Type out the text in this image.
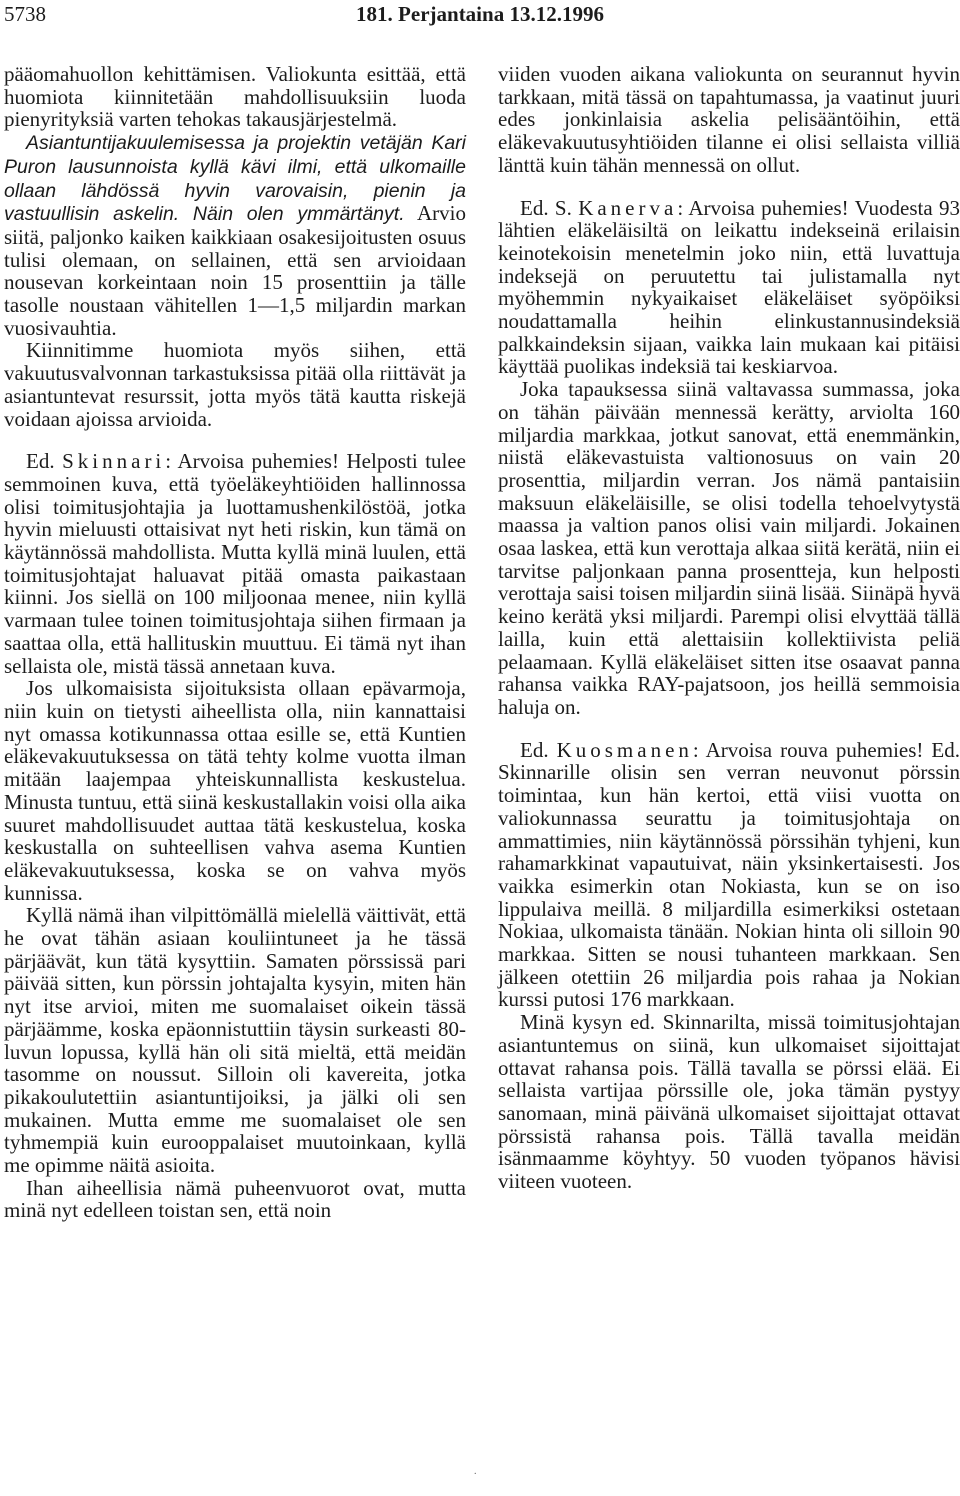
5738	181. Perjantaina 13.12.1996

pääomahuollon kehittämisen. Valiokunta esittää, että huomiota kiinnitetään mahdollisuuksiin luoda pienyrityksiä varten tehokas takausjärjestelmä.

Asiantuntijakuulemisessa ja projektin vetäjän Kari Puron lausunnoista kyllä kävi ilmi, että ulkomaille ollaan lähdössä hyvin varovaisin, pienin ja vastuullisin askelin. Näin olen ymmärtänyt. Arvio siitä, paljonko kaiken kaikkiaan osakesijoitusten osuus tulisi olemaan, on sellainen, että sen arvioidaan nousevan korkeintaan noin 15 prosenttiin ja tälle tasolle noustaan vähitellen 1—1,5 miljardin markan vuosivauhtia.

Kiinnitimme huomiota myös siihen, että vakuutusvalvonnan tarkastuksissa pitää olla riittävät ja asiantuntevat resurssit, jotta myös tätä kautta riskejä voidaan ajoissa arvioida.

Ed. Skinnari: Arvoisa puhemies! Helposti tulee semmoinen kuva, että työeläkeyhtiöiden hallinnossa olisi toimitusjohtajia ja luottamushenkilöstöä, jotka hyvin mieluusti ottaisivat nyt heti riskin, kun tämä on käytännössä mahdollista. Mutta kyllä minä luulen, että toimitusjohtajat haluavat pitää omasta paikastaan kiinni. Jos siellä on 100 miljoonaa menee, niin kyllä varmaan tulee toinen toimitusjohtaja siihen firmaan ja saattaa olla, että hallituskin muuttuu. Ei tämä nyt ihan sellaista ole, mistä tässä annetaan kuva.

Jos ulkomaisista sijoituksista ollaan epävarmoja, niin kuin on tietysti aiheellista olla, niin kannattaisi nyt omassa kotikunnassa ottaa esille se, että Kuntien eläkevakuutuksessa on tätä tehty kolme vuotta ilman mitään laajempaa yhteiskunnallista keskustelua. Minusta tuntuu, että siinä keskustallakin voisi olla aika suuret mahdollisuudet auttaa tätä keskustelua, koska keskustalla on suhteellisen vahva asema Kuntien eläkevakuutuksessa, koska se on vahva myös kunnissa.

Kyllä nämä ihan vilpittömällä mielellä väittivät, että he ovat tähän asiaan kouliintuneet ja he tässä pärjäävät, kun tätä kysyttiin. Samaten pörssissä pari päivää sitten, kun pörssin johtajalta kysyin, miten hän nyt itse arvioi, miten me suomalaiset oikein tässä pärjäämme, koska epäonnistuttiin täysin surkeasti 80-luvun lopussa, kyllä hän oli sitä mieltä, että meidän tasomme on noussut. Silloin oli kavereita, jotka pikakoulutettiin asiantuntijoiksi, ja jälki oli sen mukainen. Mutta emme me suomalaiset ole sen tyhmempiä kuin eurooppalaiset muutoinkaan, kyllä me opimme näitä asioita.

Ihan aiheellisia nämä puheenvuorot ovat, mutta minä nyt edelleen toistan sen, että noin

viiden vuoden aikana valiokunta on seurannut hyvin tarkkaan, mitä tässä on tapahtumassa, ja vaatinut juuri edes jonkinlaisia askelia pelisääntöihin, että eläkevakuutusyhtiöiden tilanne ei olisi sellaista villiä länttä kuin tähän mennessä on ollut.

Ed. S. Kanerva: Arvoisa puhemies! Vuodesta 93 lähtien eläkeläisiltä on leikattu indekseinä erilaisin keinotekoisin menetelmin joko niin, että luvattuja indeksejä on peruutettu tai julistamalla nyt myöhemmin nykyaikaiset eläkeläiset syöpöiksi noudattamalla heihin elinkustannusindeksiä palkkaindeksin sijaan, vaikka lain mukaan kai pitäisi käyttää puolikas indeksiä tai keskiarvoa.

Joka tapauksessa siinä valtavassa summassa, joka on tähän päivään mennessä kerätty, arviolta 160 miljardia markkaa, jotkut sanovat, että enemmänkin, niistä eläkevastuista valtionosuus on vain 20 prosenttia, miljardin verran. Jos nämä pantaisiin maksuun eläkeläisille, se olisi todella tehoelvytystä maassa ja valtion panos olisi vain miljardi. Jokainen osaa laskea, että kun verottaja alkaa siitä kerätä, niin ei tarvitse paljonkaan panna prosentteja, kun helposti verottaja saisi toisen miljardin siinä lisää. Siinäpä hyvä keino kerätä yksi miljardi. Parempi olisi elvyttää tällä lailla, kuin että alettaisiin kollektiivista peliä pelaamaan. Kyllä eläkeläiset sitten itse osaavat panna rahansa vaikka RAY-pajatsoon, jos heillä semmoisia haluja on.

Ed. Kuosmanen: Arvoisa rouva puhemies! Ed. Skinnarille olisin sen verran neuvonut pörssin toimintaa, kun hän kertoi, että viisi vuotta on valiokunnassa seurattu ja toimitusjohtaja on ammattimies, niin käytännössä pörssihän tyhjeni, kun rahamarkkinat vapautuivat, näin yksinkertaisesti. Jos vaikka esimerkin otan Nokiasta, kun se on iso lippulaiva meillä. 8 miljardilla esimerkiksi ostetaan Nokiaa, ulkomaista tänään. Nokian hinta oli silloin 90 markkaa. Sitten se nousi tuhanteen markkaan. Sen jälkeen otettiin 26 miljardia pois rahaa ja Nokian kurssi putosi 176 markkaan.

Minä kysyn ed. Skinnarilta, missä toimitusjohtajan asiantuntemus on siinä, kun ulkomaiset sijoittajat ottavat rahansa pois. Tällä tavalla se pörssi elää. Ei sellaista vartijaa pörssille ole, joka tämän pystyy sanomaan, minä päivänä ulkomaiset sijoittajat ottavat pörssistä rahansa pois. Tällä tavalla meidän isänmaamme köyhtyy. 50 vuoden työpanos hävisi viiteen vuoteen.

.
